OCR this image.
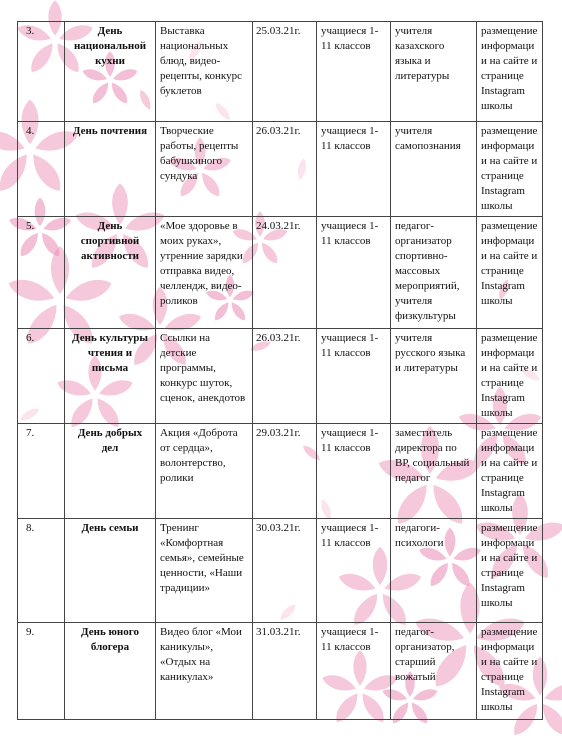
3.	День национальной кухни	Выставка национальных блюд, видео-рецепты, конкурс буклетов	25.03.21г.	учащиеся 1-11 классов	учителя казахского языка и литературы	размещение информации на сайте и странице Instagram школы
4.	День почтения	Творческие работы, рецепты бабушкиного сундука	26.03.21г.	учащиеся 1-11 классов	учителя самопознания	размещение информации на сайте и странице Instagram школы
5.	День спортивной активности	«Мое здоровье в моих руках», утренние зарядки отправка видео, челлендж, видео-роликов	24.03.21г.	учащиеся 1-11 классов	педагог-организатор спортивно-массовых мероприятий, учителя физкультуры	размещение информации на сайте и странице Instagram школы
6.	День культуры чтения и письма	Ссылки на детские программы, конкурс шуток, сценок, анекдотов	26.03.21г.	учащиеся 1-11 классов	учителя русского языка и литературы	размещение информации на сайте и странице Instagram школы
7.	День добрых дел	Акция «Доброта от сердца», волонтерство, ролики	29.03.21г.	учащиеся 1-11 классов	заместитель директора по ВР, социальный педагог	размещение информации на сайте и странице Instagram школы
8.	День семьи	Тренинг «Комфортная семья», семейные ценности, «Наши традиции»	30.03.21г.	учащиеся 1-11 классов	педагоги-психологи	размещение информации на сайте и странице Instagram школы
9.	День юного блогера	Видео блог «Мои каникулы», «Отдых на каникулах»	31.03.21г.	учащиеся 1-11 классов	педагог-организатор, старший вожатый	размещение информации на сайте и странице Instagram школы
